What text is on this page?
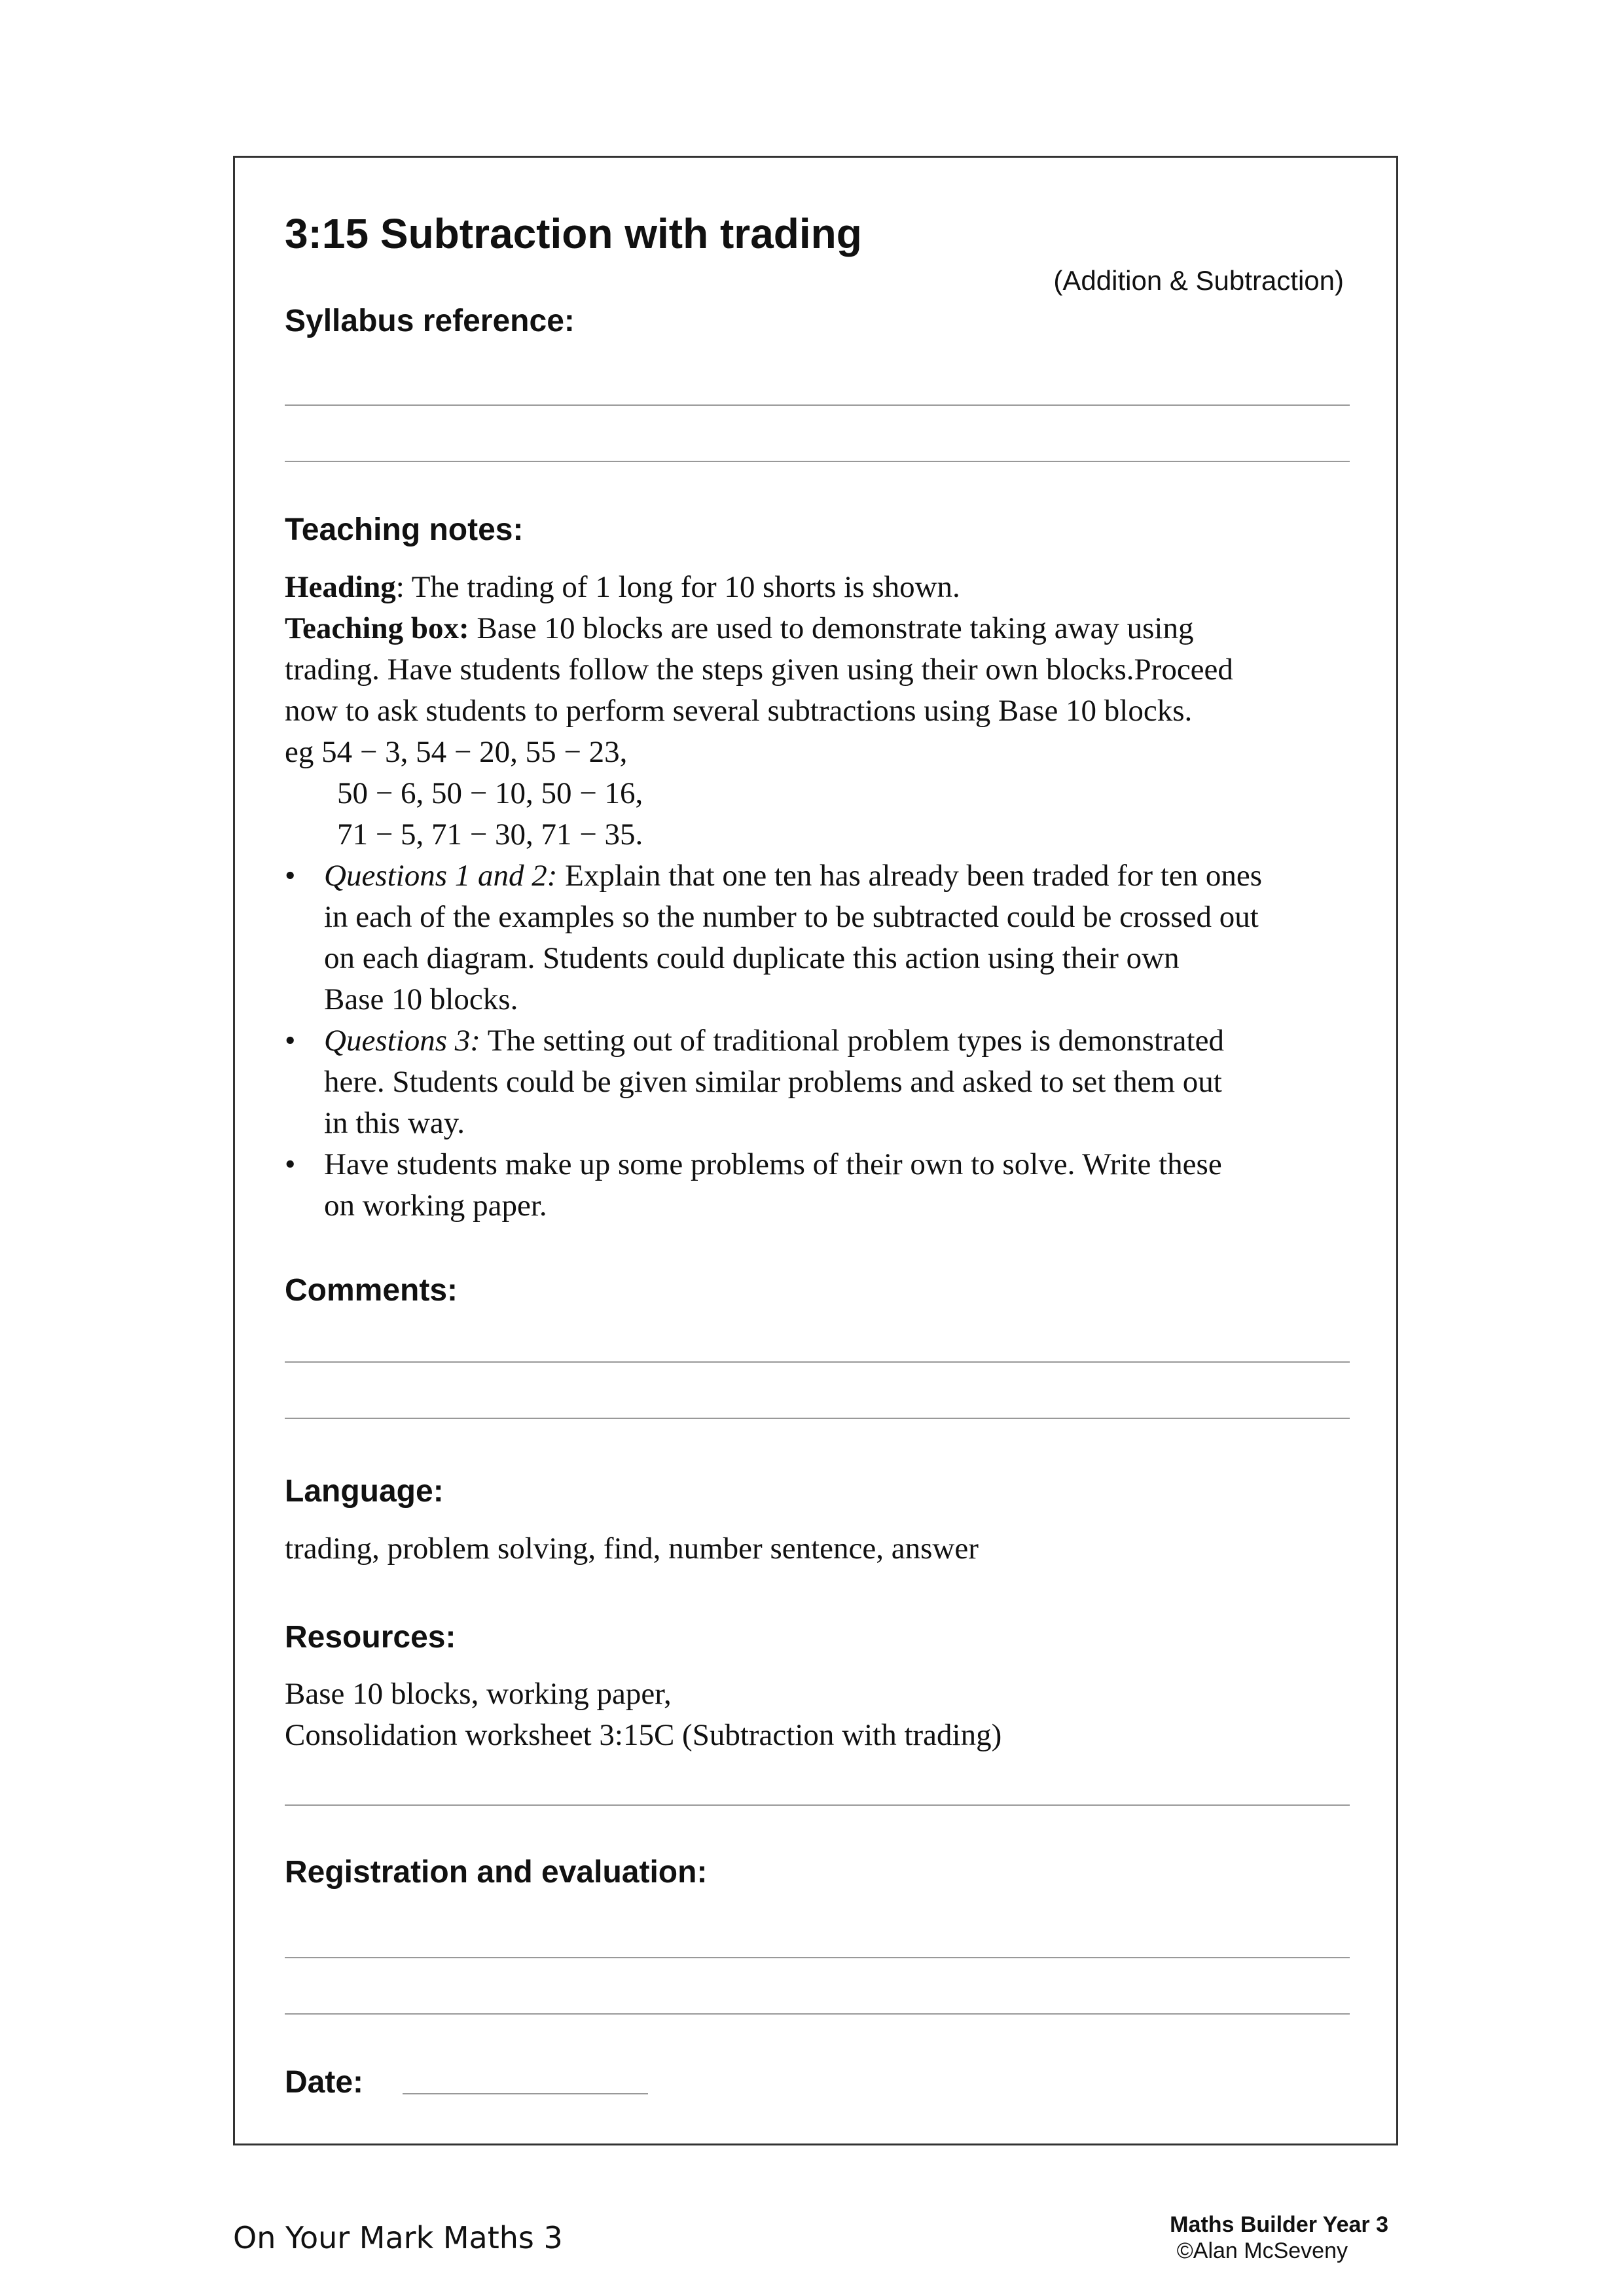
3:15 Subtraction with trading
(Addition & Subtraction)
Syllabus reference:
Teaching notes:
Heading: The trading of 1 long for 10 shorts is shown.
Teaching box: Base 10 blocks are used to demonstrate taking away using
trading. Have students follow the steps given using their own blocks.Proceed
now to ask students to perform several subtractions using Base 10 blocks.
eg 54 − 3, 54 − 20, 55 − 23,
50 − 6, 50 − 10, 50 − 16,
71 − 5, 71 − 30, 71 − 35.
• Questions 1 and 2: Explain that one ten has already been traded for ten ones
in each of the examples so the number to be subtracted could be crossed out
on each diagram. Students could duplicate this action using their own
Base 10 blocks.
• Questions 3: The setting out of traditional problem types is demonstrated
here. Students could be given similar problems and asked to set them out
in this way.
• Have students make up some problems of their own to solve. Write these
on working paper.
Comments:
Language:
trading, problem solving, find, number sentence, answer
Resources:
Base 10 blocks, working paper,
Consolidation worksheet 3:15C (Subtraction with trading)
Registration and evaluation:
Date:
On Your Mark Maths 3	Maths Builder Year 3
©Alan McSeveny
